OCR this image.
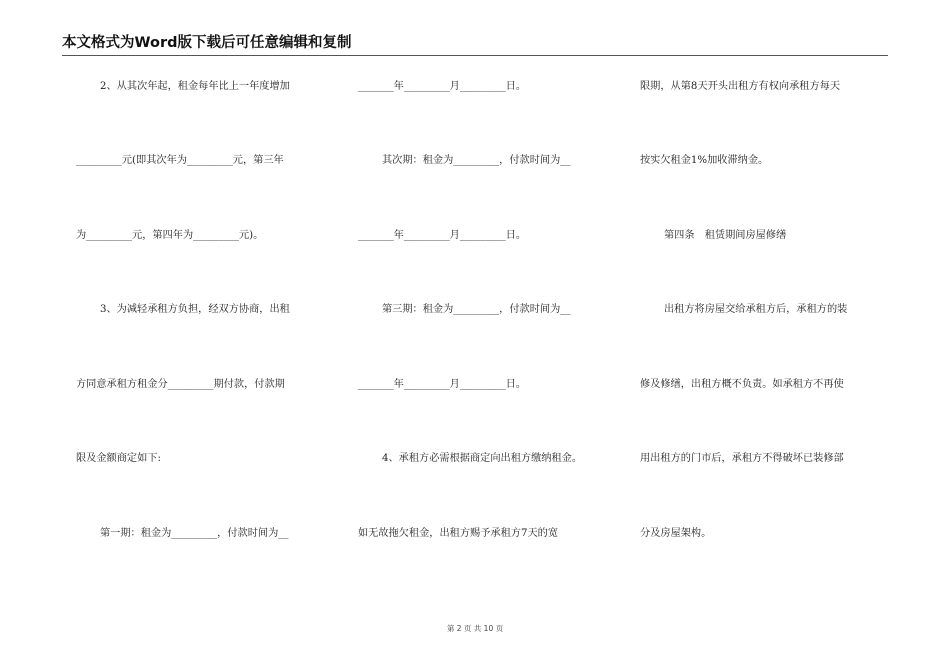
本文格式为Word版下载后可任意编辑和复制
2、从其次年起，租金每年比上一年度增加
_________元(即其次年为_________元，第三年
为_________元，第四年为_________元)。
3、为减轻承租方负担，经双方协商，出租
方同意承租方租金分_________期付款，付款期
限及金额商定如下:
第一期：租金为_________，付款时间为__
_______年_________月_________日。
其次期：租金为_________，付款时间为__
_______年_________月_________日。
第三期：租金为_________，付款时间为__
_______年_________月_________日。
4、承租方必需根据商定向出租方缴纳租金。
如无故拖欠租金，出租方赐予承租方7天的宽
限期，从第8天开头出租方有权向承租方每天
按实欠租金1%加收滞纳金。
第四条　租赁期间房屋修缮
出租方将房屋交给承租方后，承租方的装
修及修缮，出租方概不负责。如承租方不再使
用出租方的门市后，承租方不得破坏已装修部
分及房屋架构。
第 2 页 共 10 页
